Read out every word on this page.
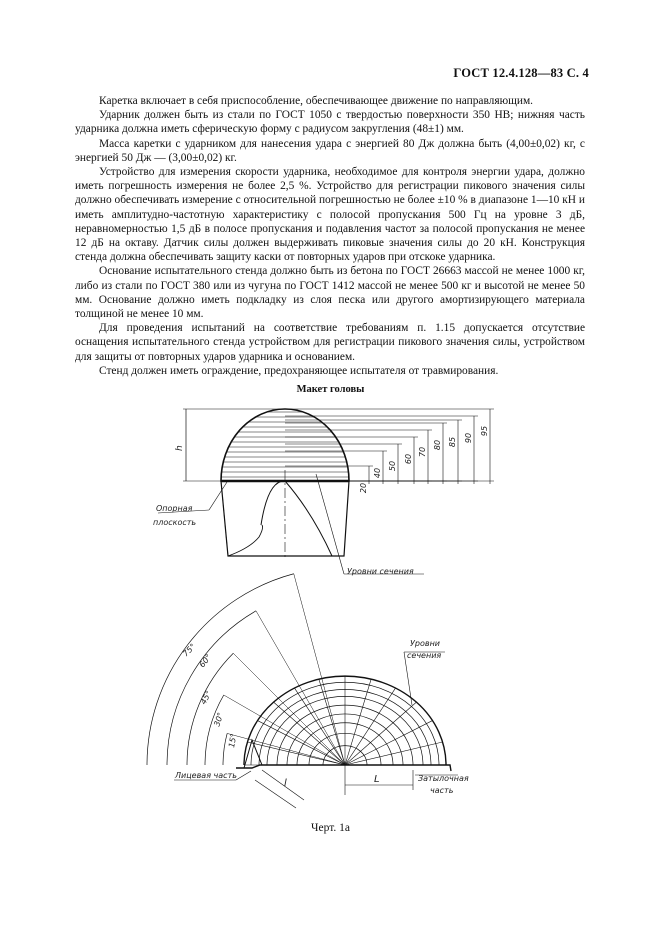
ГОСТ 12.4.128—83 С. 4

Каретка включает в себя приспособление, обеспечивающее движение по направляющим.

Ударник должен быть из стали по ГОСТ 1050 с твердостью поверхности 350 НВ; нижняя часть ударника должна иметь сферическую форму с радиусом закругления (48±1) мм.

Масса каретки с ударником для нанесения удара с энергией 80 Дж должна быть (4,00±0,02) кг, с энергией 50 Дж — (3,00±0,02) кг.

Устройство для измерения скорости ударника, необходимое для контроля энергии удара, должно иметь погрешность измерения не более 2,5 %. Устройство для регистрации пикового значения силы должно обеспечивать измерение с относительной погрешностью не более ±10 % в диапазоне 1—10 кН и иметь амплитудно-частотную характеристику с полосой пропускания 500 Гц на уровне 3 дБ, неравномерностью 1,5 дБ в полосе пропускания и подавления частот за полосой пропускания не менее 12 дБ на октаву. Датчик силы должен выдерживать пиковые значения силы до 20 кН. Конструкция стенда должна обеспечивать защиту каски от повторных ударов при отскоке ударника.

Основание испытательного стенда должно быть из бетона по ГОСТ 26663 массой не менее 1000 кг, либо из стали по ГОСТ 380 или из чугуна по ГОСТ 1412 массой не менее 500 кг и высотой не менее 50 мм. Основание должно иметь подкладку из слоя песка или другого амортизирующего материала толщиной не менее 10 мм.

Для проведения испытаний на соответствие требованиям п. 1.15 допускается отсутствие оснащения испытательного стенда устройством для регистрации пикового значения силы, устройством для защиты от повторных ударов ударника и основанием.

Стенд должен иметь ограждение, предохраняющее испытателя от травмирования.

Макет головы
h
Опорная
плоскость
Уровни сечения
Уровни
сечения
Лицевая часть	Затылочная
часть
L
l
20
40
50
60
70
80 85 90
95
15°
30°
45°
60°
75°
Черт. 1а
